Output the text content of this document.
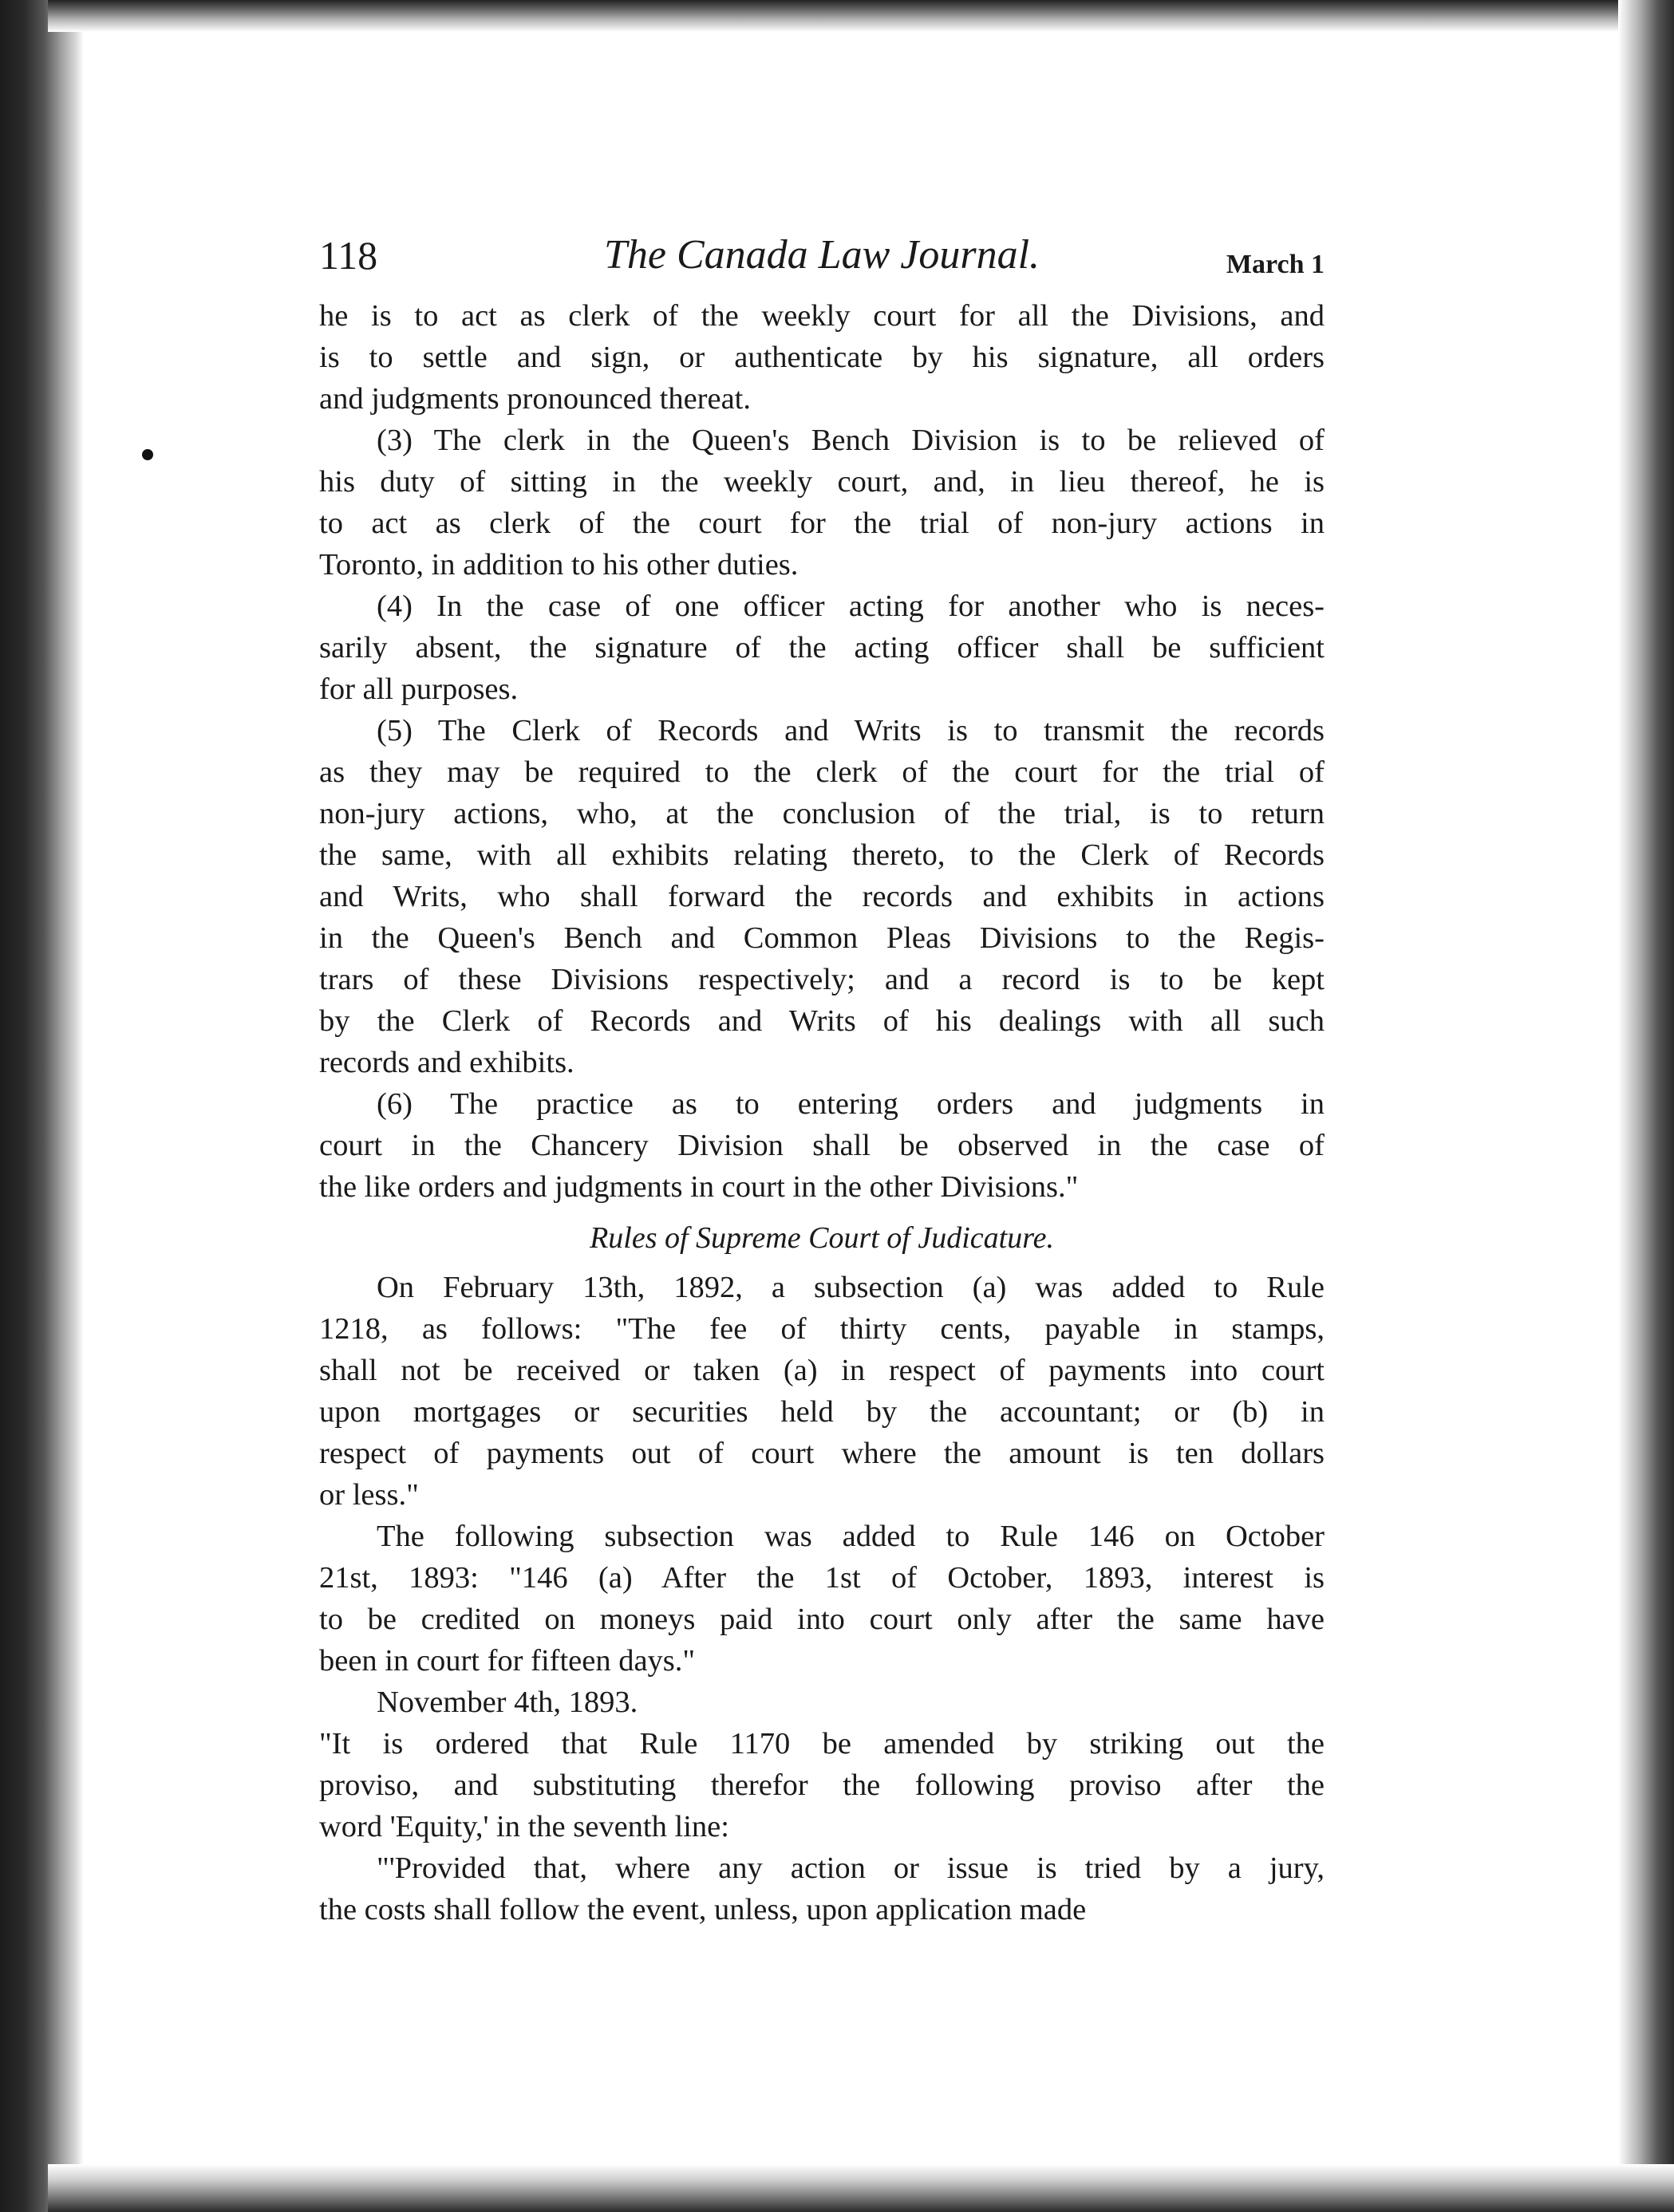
118	The Canada Law Journal.	March 1

he is to act as clerk of the weekly court for all the Divisions, and
is to settle and sign, or authenticate by his signature, all orders
and judgments pronounced thereat.

(3) The clerk in the Queen's Bench Division is to be relieved of
his duty of sitting in the weekly court, and, in lieu thereof, he is
to act as clerk of the court for the trial of non-jury actions in
Toronto, in addition to his other duties.

(4) In the case of one officer acting for another who is neces-
sarily absent, the signature of the acting officer shall be sufficient
for all purposes.

(5) The Clerk of Records and Writs is to transmit the records
as they may be required to the clerk of the court for the trial of
non-jury actions, who, at the conclusion of the trial, is to return
the same, with all exhibits relating thereto, to the Clerk of Records
and Writs, who shall forward the records and exhibits in actions
in the Queen's Bench and Common Pleas Divisions to the Regis-
trars of these Divisions respectively; and a record is to be kept
by the Clerk of Records and Writs of his dealings with all such
records and exhibits.

(6) The practice as to entering orders and judgments in
court in the Chancery Division shall be observed in the case of
the like orders and judgments in court in the other Divisions."

Rules of Supreme Court of Judicature.

On February 13th, 1892, a subsection (a) was added to Rule
1218, as follows: "The fee of thirty cents, payable in stamps,
shall not be received or taken (a) in respect of payments into court
upon mortgages or securities held by the accountant; or (b) in
respect of payments out of court where the amount is ten dollars
or less."

The following subsection was added to Rule 146 on October
21st, 1893: "146 (a) After the 1st of October, 1893, interest is
to be credited on moneys paid into court only after the same have
been in court for fifteen days."

November 4th, 1893.

"It is ordered that Rule 1170 be amended by striking out the
proviso, and substituting therefor the following proviso after the
word 'Equity,' in the seventh line:

"'Provided that, where any action or issue is tried by a jury,
the costs shall follow the event, unless, upon application made
